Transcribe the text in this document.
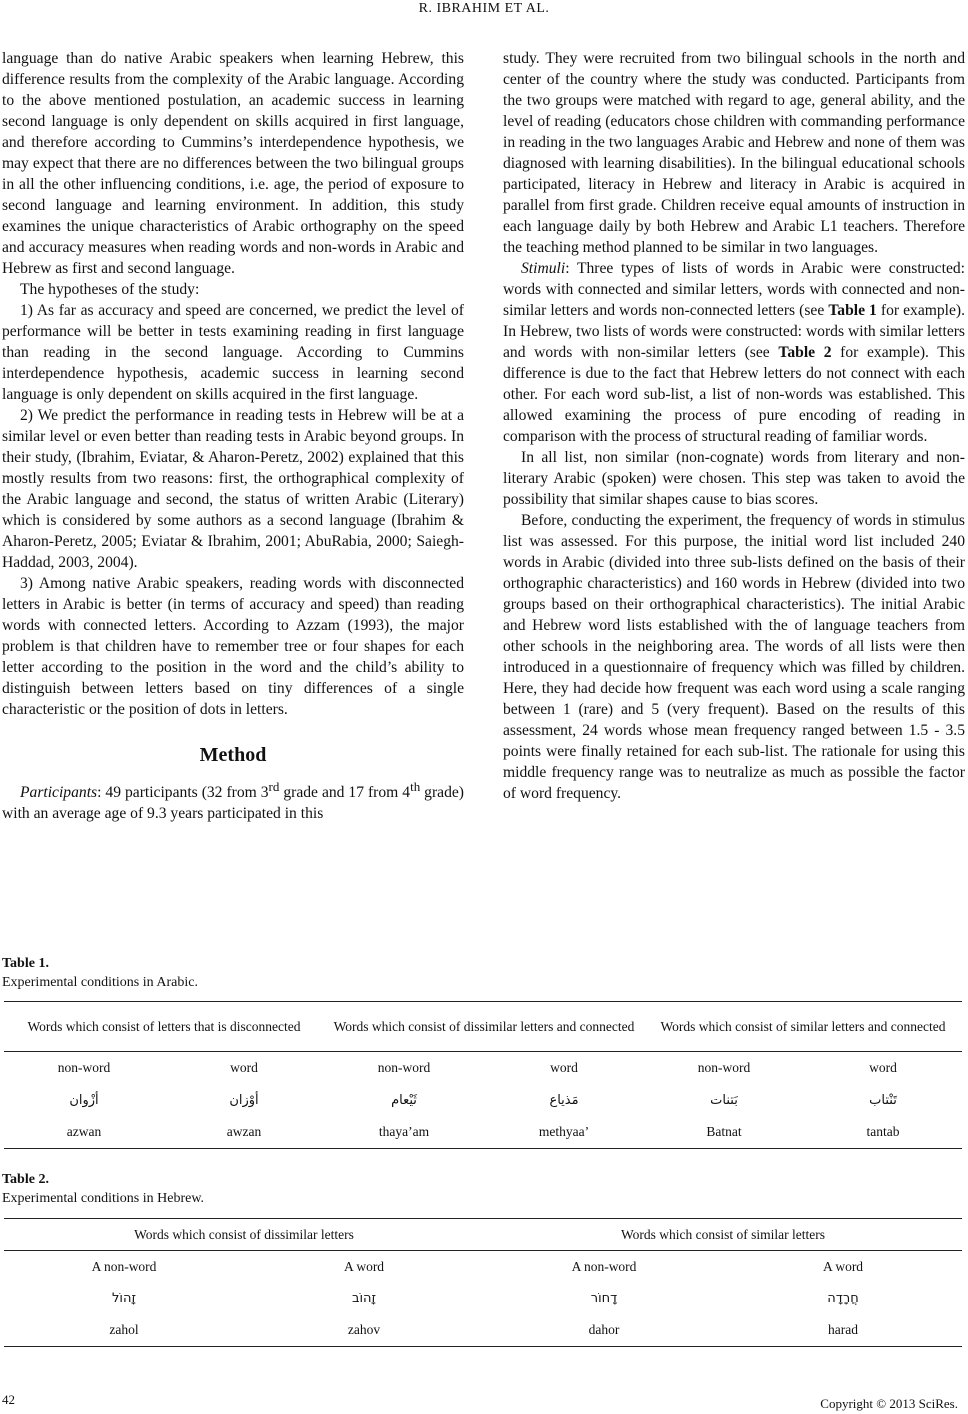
R. IBRAHIM ET AL.

language than do native Arabic speakers when learning Hebrew, this difference results from the complexity of the Arabic language. According to the above mentioned postulation, an academic success in learning second language is only dependent on skills acquired in first language, and therefore according to Cummins’s interdependence hypothesis, we may expect that there are no differences between the two bilingual groups in all the other influencing conditions, i.e. age, the period of exposure to second language and learning environment. In addition, this study examines the unique characteristics of Arabic orthography on the speed and accuracy measures when reading words and non-words in Arabic and Hebrew as first and second language.

The hypotheses of the study:

1) As far as accuracy and speed are concerned, we predict the level of performance will be better in tests examining reading in first language than reading in the second language. According to Cummins interdependence hypothesis, academic success in learning second language is only dependent on skills acquired in the first language.

2) We predict the performance in reading tests in Hebrew will be at a similar level or even better than reading tests in Arabic beyond groups. In their study, (Ibrahim, Eviatar, & Aharon-Peretz, 2002) explained that this mostly results from two reasons: first, the orthographical complexity of the Arabic language and second, the status of written Arabic (Literary) which is considered by some authors as a second language (Ibrahim & Aharon-Peretz, 2005; Eviatar & Ibrahim, 2001; AbuRabia, 2000; Saiegh-Haddad, 2003, 2004).

3) Among native Arabic speakers, reading words with disconnected letters in Arabic is better (in terms of accuracy and speed) than reading words with connected letters. According to Azzam (1993), the major problem is that children have to remember tree or four shapes for each letter according to the position in the word and the child’s ability to distinguish between letters based on tiny differences of a single characteristic or the position of dots in letters.

Method

Participants: 49 participants (32 from 3rd grade and 17 from 4th grade) with an average age of 9.3 years participated in this

study. They were recruited from two bilingual schools in the north and center of the country where the study was conducted. Participants from the two groups were matched with regard to age, general ability, and the level of reading (educators chose children with commanding performance in reading in the two languages Arabic and Hebrew and none of them was diagnosed with learning disabilities). In the bilingual educational schools participated, literacy in Hebrew and literacy in Arabic is acquired in parallel from first grade. Children receive equal amounts of instruction in each language daily by both Hebrew and Arabic L1 teachers. Therefore the teaching method planned to be similar in two languages.

Stimuli: Three types of lists of words in Arabic were constructed: words with connected and similar letters, words with connected and non-similar letters and words non-connected letters (see Table 1 for example). In Hebrew, two lists of words were constructed: words with similar letters and words with non-similar letters (see Table 2 for example). This difference is due to the fact that Hebrew letters do not connect with each other. For each word sub-list, a list of non-words was established. This allowed examining the process of pure encoding of reading in comparison with the process of structural reading of familiar words.

In all list, non similar (non-cognate) words from literary and non-literary Arabic (spoken) were chosen. This step was taken to avoid the possibility that similar shapes cause to bias scores.

Before, conducting the experiment, the frequency of words in stimulus list was assessed. For this purpose, the initial word list included 240 words in Arabic (divided into three sub-lists defined on the basis of their orthographic characteristics) and 160 words in Hebrew (divided into two groups based on their orthographical characteristics). The initial Arabic and Hebrew word lists established with the of language teachers from other schools in the neighboring area. The words of all lists were then introduced in a questionnaire of frequency which was filled by children. Here, they had decide how frequent was each word using a scale ranging between 1 (rare) and 5 (very frequent). Based on the results of this assessment, 24 words whose mean frequency ranged between 1.5 - 3.5 points were finally retained for each sub-list. The rationale for using this middle frequency range was to neutralize as much as possible the factor of word frequency.

Table 1.
Experimental conditions in Arabic.
Words which consist of letters that is disconnected		Words which consist of dissimilar letters and connected		Words which consist of similar letters and connected	
non-word	word	non-word	word	non-word	word
أزْوان	أوْزان	ثَيْعام	مَذياع	بَتنات	تَنْتاب
azwan	awzan	thaya’am	methyaa’	Batnat	tantab
Table 2.
Experimental conditions in Hebrew.
Words which consist of dissimilar letters		Words which consist of similar letters	
A non-word	A word	A non-word	A word
זָהוֹל	זָהוֹב	דָחוֹר	חֲרָדָה
zahol	zahov	dahor	harad
42	Copyright © 2013 SciRes.
